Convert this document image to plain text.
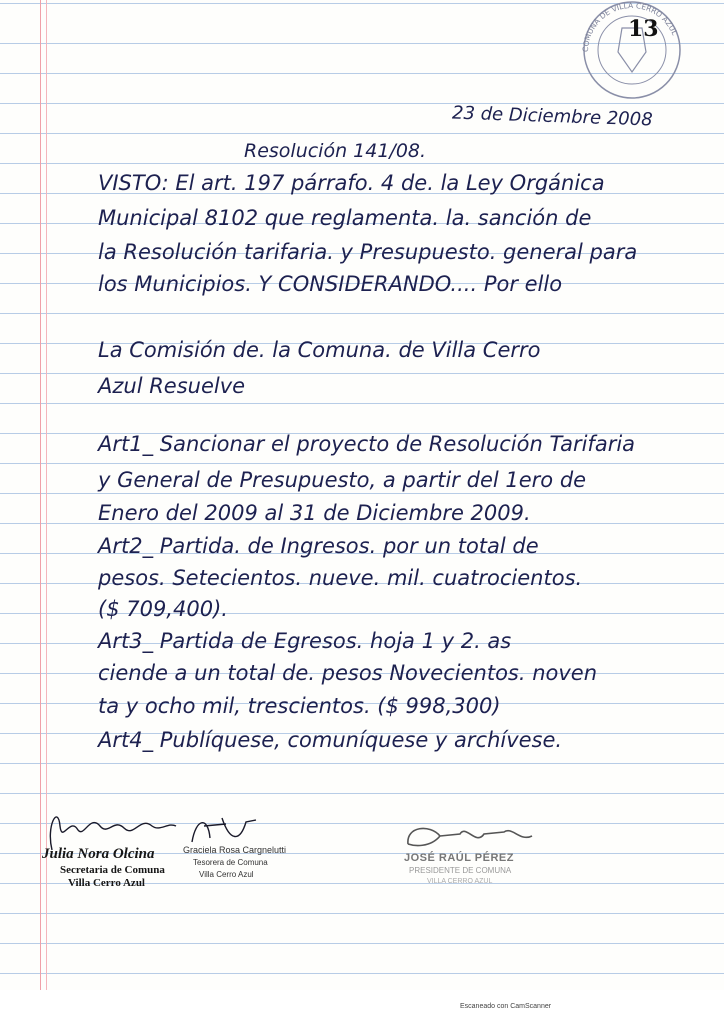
COMUNA DE VILLA CERRO AZUL
13
23 de Diciembre 2008
Resolución 141/08.
VISTO: El art. 197 párrafo. 4 de. la Ley Orgánica
Municipal 8102 que reglamenta. la. sanción de
la Resolución tarifaria. y Presupuesto. general para
los Municipios. Y CONSIDERANDO.... Por ello
La Comisión de. la Comuna. de Villa Cerro
Azul Resuelve
Art1_ Sancionar el proyecto de Resolución Tarifaria
y General de Presupuesto, a partir del 1ero de
Enero del 2009 al 31 de Diciembre 2009.
Art2_ Partida. de Ingresos. por un total de
pesos. Setecientos. nueve. mil. cuatrocientos.
($ 709,400).
Art3_ Partida de Egresos. hoja 1 y 2. as
ciende a un total de. pesos Novecientos. noven
ta y ocho mil, trescientos. ($ 998,300)
Art4_ Publíquese, comuníquese y archívese.
Julia Nora Olcina
Secretaria de Comuna
Villa Cerro Azul
Graciela Rosa Cargnelutti
Tesorera de Comuna
Villa Cerro Azul
JOSÉ RAÚL PÉREZ
PRESIDENTE DE COMUNA
VILLA CERRO AZUL
Escaneado con CamScanner
